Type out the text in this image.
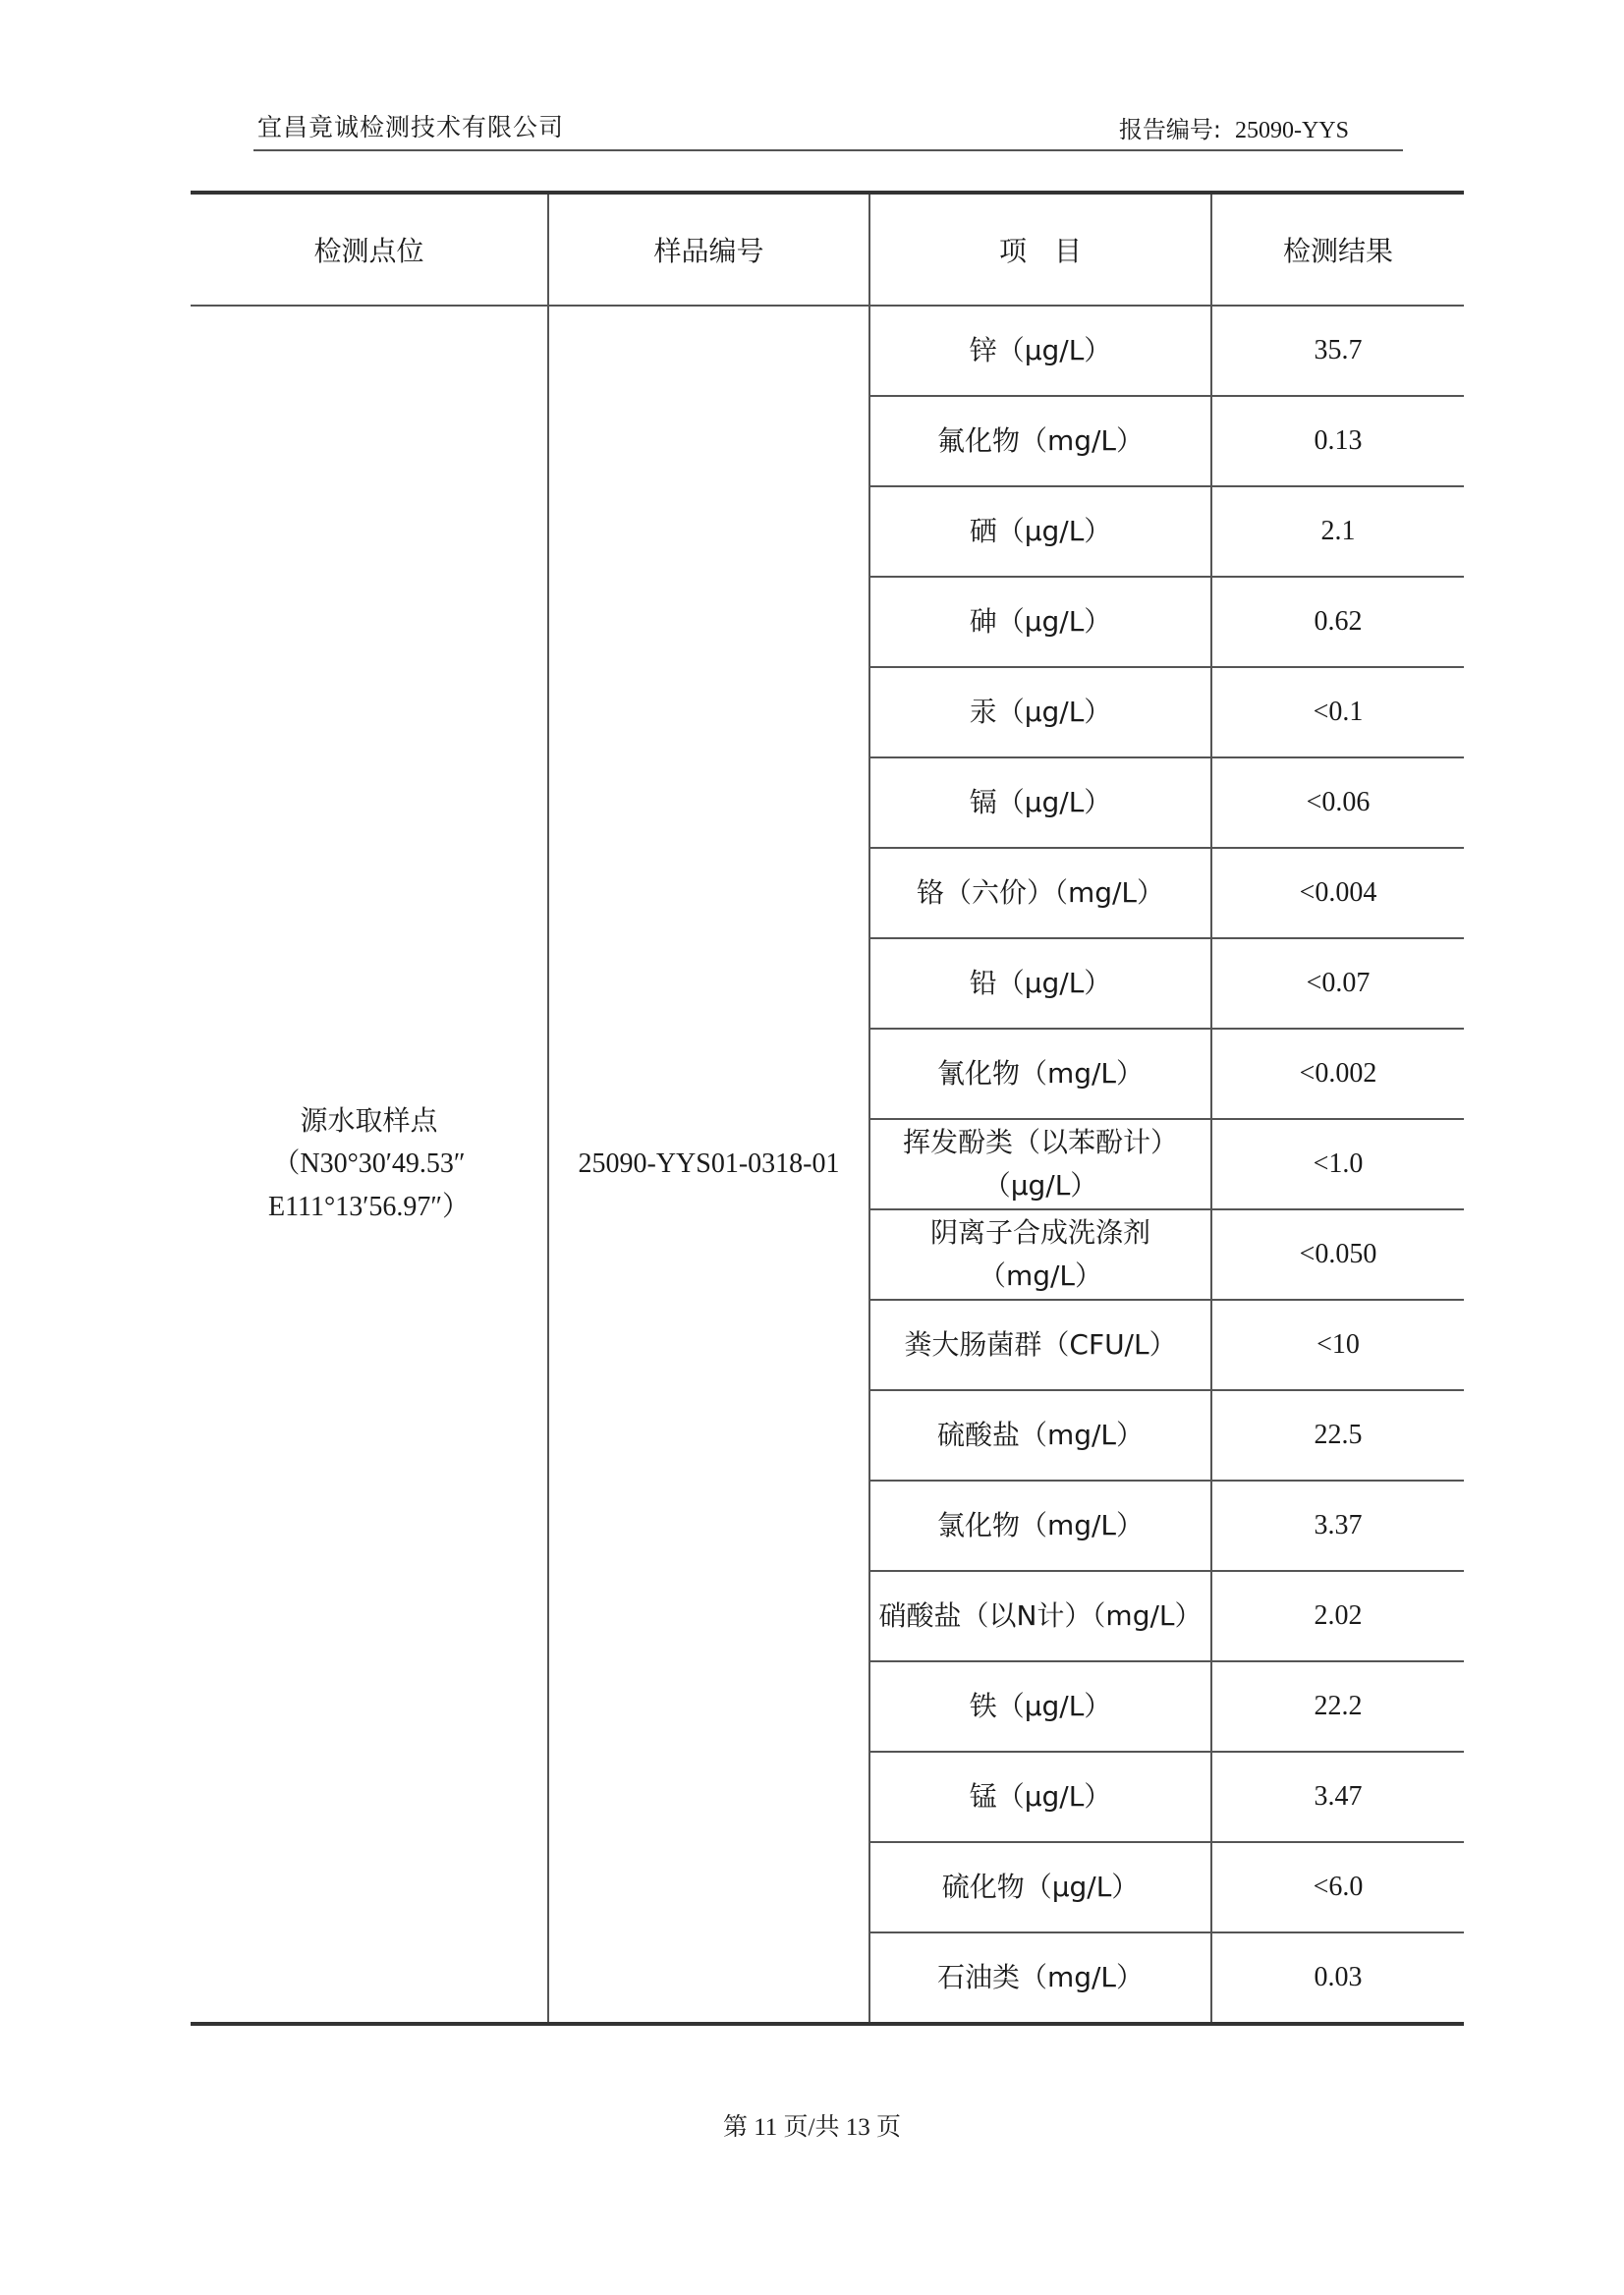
宜昌竟诚检测技术有限公司	报告编号: 25090-YYS
检测点位	样品编号	项　目	检测结果

源水取样点
（N30°30′49.53″
E111°13′56.97″）	25090-YYS01-0318-01	锌（μg/L）	35.7
		氟化物（mg/L）	0.13
		硒（μg/L）	2.1
		砷（μg/L）	0.62
		汞（μg/L）	<0.1
		镉（μg/L）	<0.06
		铬（六价）（mg/L）	<0.004
		铅（μg/L）	<0.07
		氰化物（mg/L）	<0.002
		挥发酚类（以苯酚计）（μg/L）	<1.0
		阴离子合成洗涤剂（mg/L）	<0.050
		粪大肠菌群（CFU/L）	<10
		硫酸盐（mg/L）	22.5
		氯化物（mg/L）	3.37
		硝酸盐（以N计）（mg/L）	2.02
		铁（μg/L）	22.2
		锰（μg/L）	3.47
		硫化物（μg/L）	<6.0
		石油类（mg/L）	0.03
第 11 页/共 13 页
